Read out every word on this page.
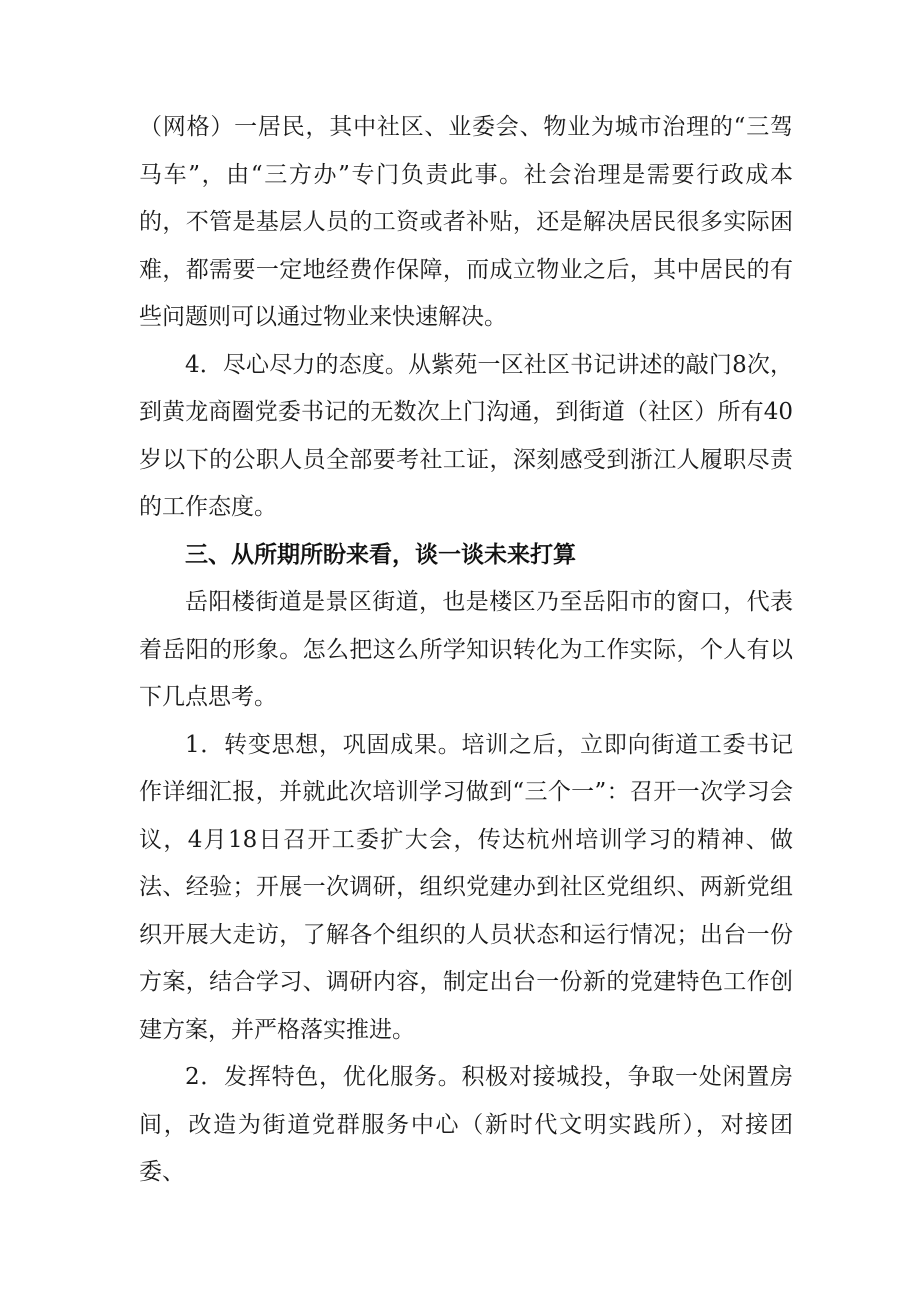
（网格）一居民，其中社区、业委会、物业为城市治理的“三驾马车”，由“三方办”专门负责此事。社会治理是需要行政成本的，不管是基层人员的工资或者补贴，还是解决居民很多实际困难，都需要一定地经费作保障，而成立物业之后，其中居民的有些问题则可以通过物业来快速解决。

4．尽心尽力的态度。从紫苑一区社区书记讲述的敲门8次，到黄龙商圈党委书记的无数次上门沟通，到街道（社区）所有40岁以下的公职人员全部要考社工证，深刻感受到浙江人履职尽责的工作态度。

三、从所期所盼来看，谈一谈未来打算

岳阳楼街道是景区街道，也是楼区乃至岳阳市的窗口，代表着岳阳的形象。怎么把这么所学知识转化为工作实际，个人有以下几点思考。

1．转变思想，巩固成果。培训之后，立即向街道工委书记作详细汇报，并就此次培训学习做到“三个一”：召开一次学习会议，4月18日召开工委扩大会，传达杭州培训学习的精神、做法、经验；开展一次调研，组织党建办到社区党组织、两新党组织开展大走访，了解各个组织的人员状态和运行情况；出台一份方案，结合学习、调研内容，制定出台一份新的党建特色工作创建方案，并严格落实推进。

2．发挥特色，优化服务。积极对接城投，争取一处闲置房间，改造为街道党群服务中心（新时代文明实践所），对接团委、
